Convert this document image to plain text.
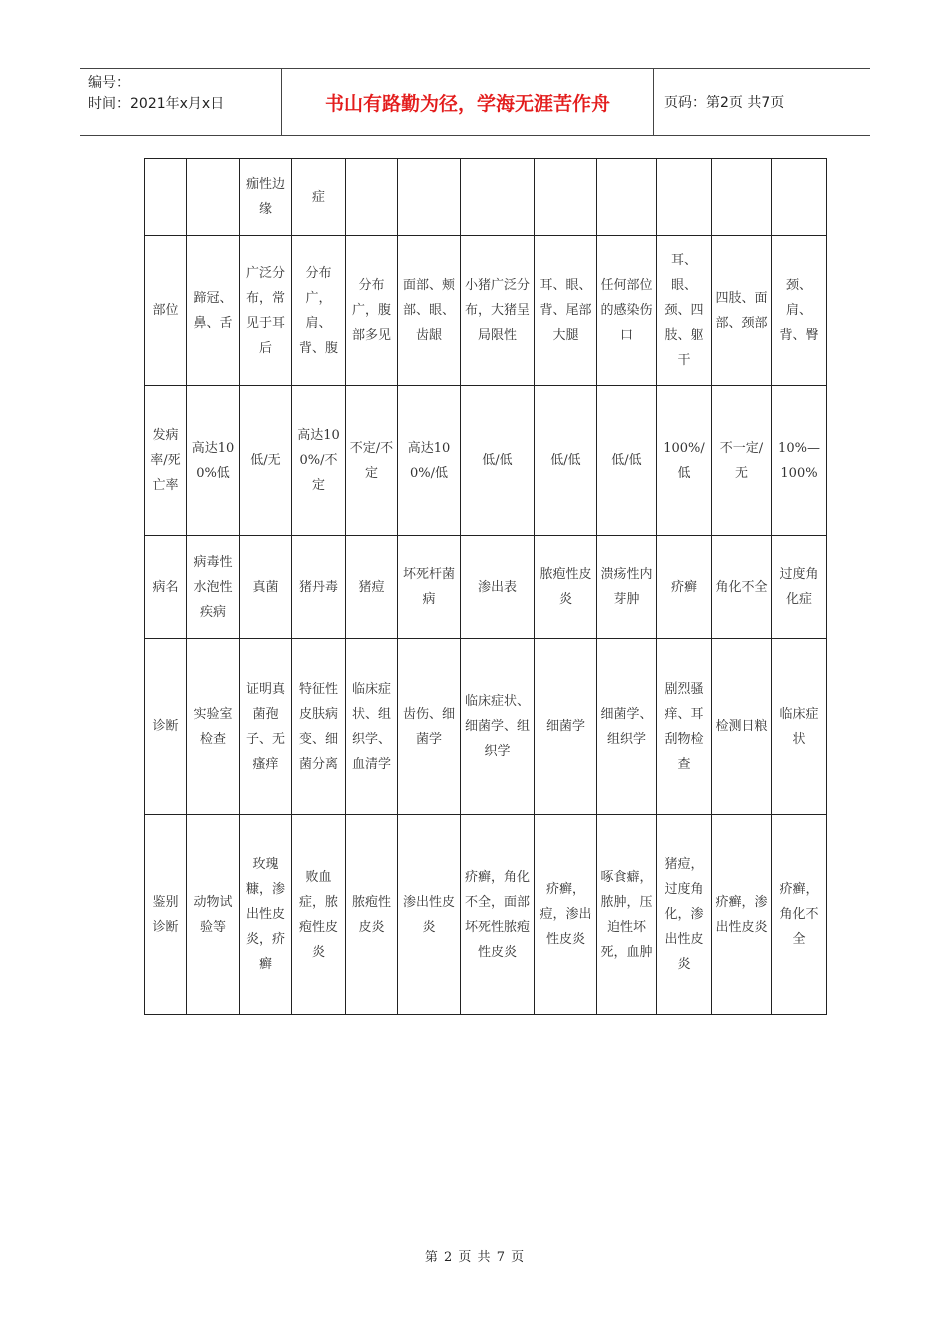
编号：
时间：2021年x月x日	书山有路勤为径，学海无涯苦作舟	页码：第2页 共7页
		痂性边缘	症								
部位	蹄冠、鼻、舌	广泛分布，常见于耳后	分布广，肩、背、腹	分布广，腹部多见	面部、颊部、眼、齿龈	小猪广泛分布，大猪呈局限性	耳、眼、背、尾部大腿	任何部位的感染伤口	耳、眼、颈、四肢、躯干	四肢、面部、颈部	颈、肩、背、臀
发病率/死亡率	高达100%低	低/无	高达100%/不定	不定/不定	高达100%/低	低/低	低/低	低/低	100%/低	不一定/无	10%—100%
病名	病毒性水泡性疾病	真菌	猪丹毒	猪痘	坏死杆菌病	渗出表	脓疱性皮炎	溃疡性内芽肿	疥癣	角化不全	过度角化症
诊断	实验室检查	证明真菌孢子、无瘙痒	特征性皮肤病变、细菌分离	临床症状、组织学、血清学	齿伤、细菌学	临床症状、细菌学、组织学	细菌学	细菌学、组织学	剧烈骚痒、耳刮物检查	检测日粮	临床症状
鉴别诊断	动物试验等	玫瑰糠，渗出性皮炎，疥癣	败血症，脓疱性皮炎	脓疱性皮炎	渗出性皮炎	疥癣，角化不全，面部坏死性脓疱性皮炎	疥癣，痘，渗出性皮炎	啄食癖，脓肿，压迫性坏死，血肿	猪痘，过度角化，渗出性皮炎	疥癣，渗出性皮炎	疥癣，角化不全
第 2 页 共 7 页
